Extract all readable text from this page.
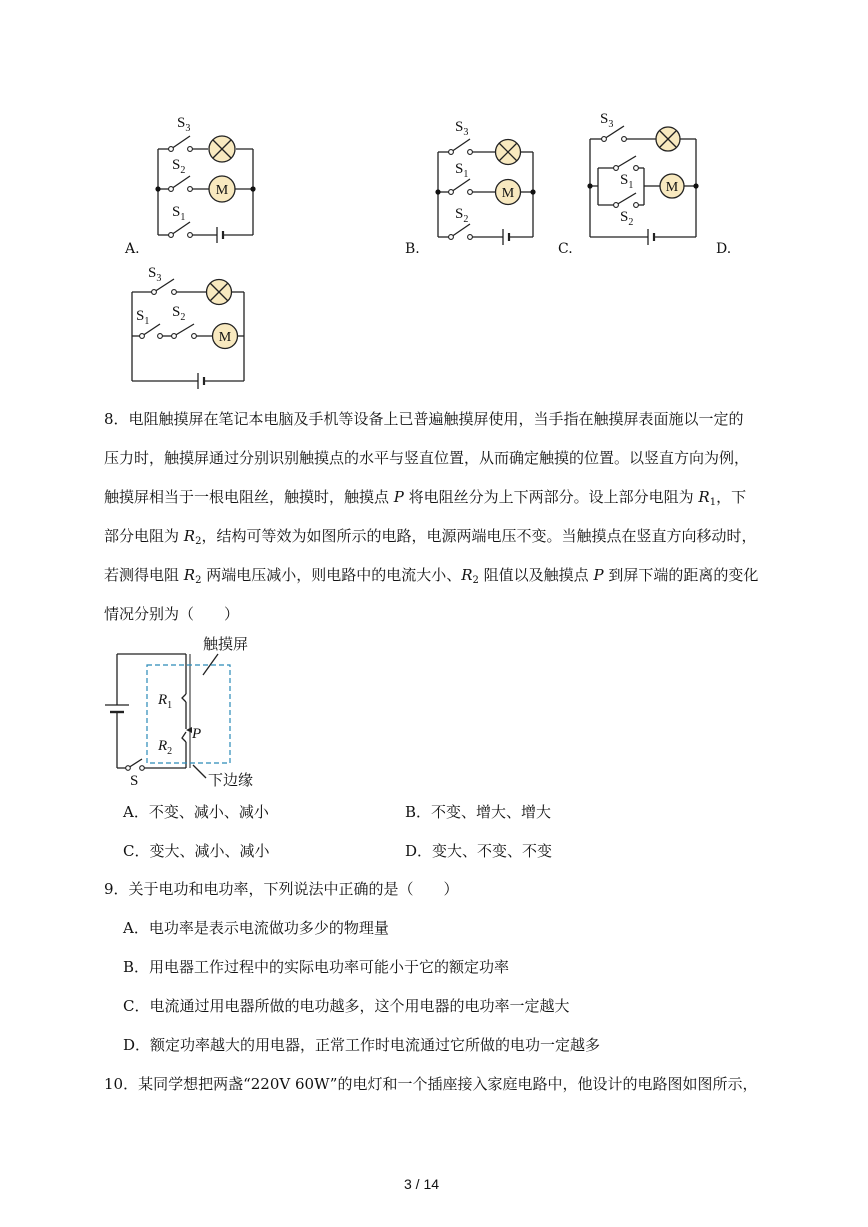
M
$S_3$
$S_2$
$S_1$
A.
M
$S_3$
$S_1$
$S_2$
B.
M
$S_3$
$S_1$
$S_2$
C.	D.
M
$S_3$
$S_1$
$S_2$
8．电阻触摸屏在笔记本电脑及手机等设备上已普遍触摸屏使用，当手指在触摸屏表面施以一定的
压力时，触摸屏通过分别识别触摸点的水平与竖直位置，从而确定触摸的位置。以竖直方向为例，
触摸屏相当于一根电阻丝，触摸时，触摸点 P 将电阻丝分为上下两部分。设上部分电阻为 $R_1$，下
部分电阻为 $R_2$，结构可等效为如图所示的电路，电源两端电压不变。当触摸点在竖直方向移动时，
若测得电阻 $R_2$ 两端电压减小，则电路中的电流大小、$R_2$ 阻值以及触摸点 P 到屏下端的距离的变化
情况分别为（　　）
$R_1$
$R_2$
P
S
触摸屏
下边缘
A．不变、减小、减小	B．不变、增大、增大
C．变大、减小、减小	D．变大、不变、不变
9．关于电功和电功率，下列说法中正确的是（　　）
A．电功率是表示电流做功多少的物理量
B．用电器工作过程中的实际电功率可能小于它的额定功率
C．电流通过用电器所做的电功越多，这个用电器的电功率一定越大
D．额定功率越大的用电器，正常工作时电流通过它所做的电功一定越多
10．某同学想把两盏“220V 60W”的电灯和一个插座接入家庭电路中，他设计的电路图如图所示，
3 / 14
